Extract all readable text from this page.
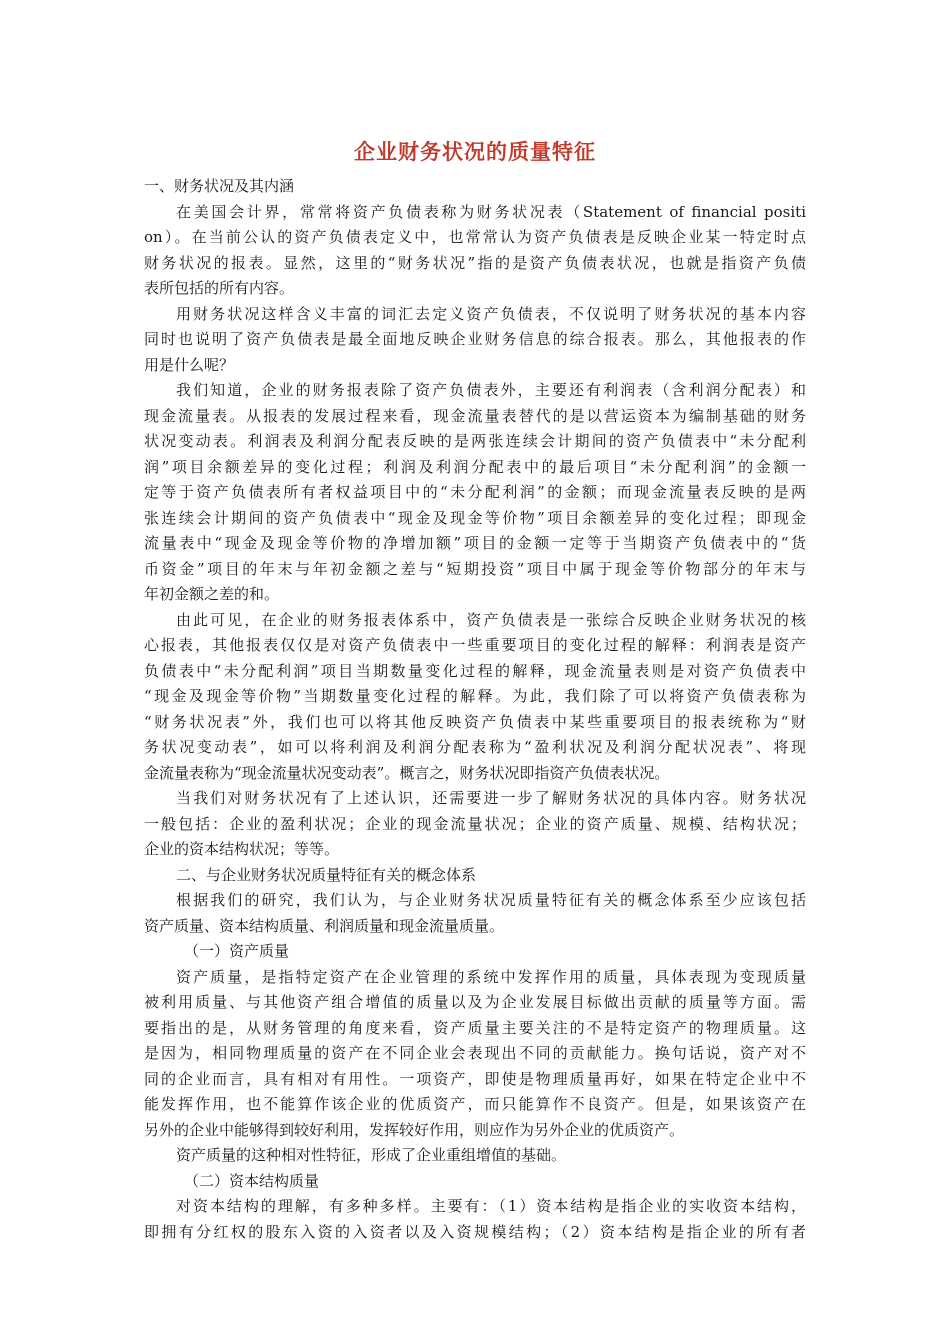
企业财务状况的质量特征

一、财务状况及其内涵

在美国会计界，常常将资产负债表称为财务状况表（Statement of financial positi

on）。在当前公认的资产负债表定义中，也常常认为资产负债表是反映企业某一特定时点

财务状况的报表。显然，这里的“财务状况”指的是资产负债表状况，也就是指资产负债

表所包括的所有内容。

用财务状况这样含义丰富的词汇去定义资产负债表，不仅说明了财务状况的基本内容

同时也说明了资产负债表是最全面地反映企业财务信息的综合报表。那么，其他报表的作

用是什么呢？

我们知道，企业的财务报表除了资产负债表外，主要还有利润表（含利润分配表）和

现金流量表。从报表的发展过程来看，现金流量表替代的是以营运资本为编制基础的财务

状况变动表。利润表及利润分配表反映的是两张连续会计期间的资产负债表中“未分配利

润”项目余额差异的变化过程；利润及利润分配表中的最后项目“未分配利润”的金额一

定等于资产负债表所有者权益项目中的“未分配利润”的金额；而现金流量表反映的是两

张连续会计期间的资产负债表中“现金及现金等价物”项目余额差异的变化过程；即现金

流量表中“现金及现金等价物的净增加额”项目的金额一定等于当期资产负债表中的“货

币资金”项目的年末与年初金额之差与“短期投资”项目中属于现金等价物部分的年末与

年初金额之差的和。

由此可见，在企业的财务报表体系中，资产负债表是一张综合反映企业财务状况的核

心报表，其他报表仅仅是对资产负债表中一些重要项目的变化过程的解释：利润表是资产

负债表中“未分配利润”项目当期数量变化过程的解释，现金流量表则是对资产负债表中

“现金及现金等价物”当期数量变化过程的解释。为此，我们除了可以将资产负债表称为

“财务状况表”外，我们也可以将其他反映资产负债表中某些重要项目的报表统称为“财

务状况变动表”，如可以将利润及利润分配表称为“盈利状况及利润分配状况表”、将现

金流量表称为“现金流量状况变动表”。概言之，财务状况即指资产负债表状况。

当我们对财务状况有了上述认识，还需要进一步了解财务状况的具体内容。财务状况

一般包括：企业的盈利状况；企业的现金流量状况；企业的资产质量、规模、结构状况；

企业的资本结构状况；等等。

二、与企业财务状况质量特征有关的概念体系

根据我们的研究，我们认为，与企业财务状况质量特征有关的概念体系至少应该包括

资产质量、资本结构质量、利润质量和现金流量质量。

（一）资产质量

资产质量，是指特定资产在企业管理的系统中发挥作用的质量，具体表现为变现质量

被利用质量、与其他资产组合增值的质量以及为企业发展目标做出贡献的质量等方面。需

要指出的是，从财务管理的角度来看，资产质量主要关注的不是特定资产的物理质量。这

是因为，相同物理质量的资产在不同企业会表现出不同的贡献能力。换句话说，资产对不

同的企业而言，具有相对有用性。一项资产，即使是物理质量再好，如果在特定企业中不

能发挥作用，也不能算作该企业的优质资产，而只能算作不良资产。但是，如果该资产在

另外的企业中能够得到较好利用，发挥较好作用，则应作为另外企业的优质资产。

资产质量的这种相对性特征，形成了企业重组增值的基础。

（二）资本结构质量

对资本结构的理解，有多种多样。主要有：（1）资本结构是指企业的实收资本结构，

即拥有分红权的股东入资的入资者以及入资规模结构；（2）资本结构是指企业的所有者
